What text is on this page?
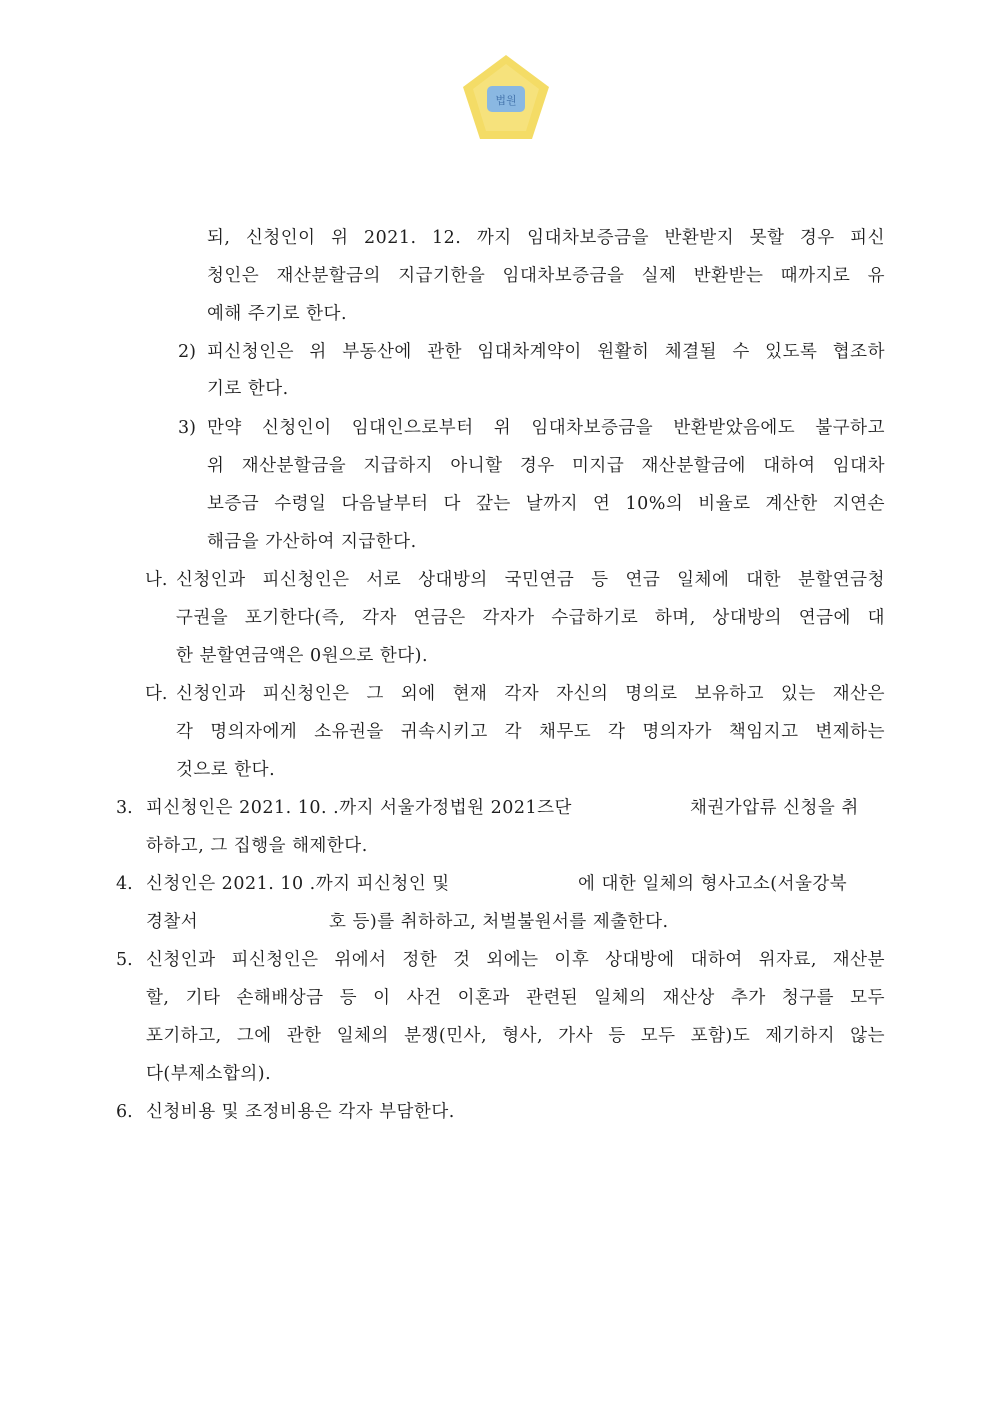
법원
되, 신청인이 위 2021. 12. 까지 임대차보증금을 반환받지 못할 경우 피신
청인은 재산분할금의 지급기한을 임대차보증금을 실제 반환받는 때까지로 유
예해 주기로 한다.
2) 피신청인은 위 부동산에 관한 임대차계약이 원활히 체결될 수 있도록 협조하
기로 한다.
3) 만약 신청인이 임대인으로부터 위 임대차보증금을 반환받았음에도 불구하고
위 재산분할금을 지급하지 아니할 경우 미지급 재산분할금에 대하여 임대차
보증금 수령일 다음날부터 다 갚는 날까지 연 10%의 비율로 계산한 지연손
해금을 가산하여 지급한다.
나. 신청인과 피신청인은 서로 상대방의 국민연금 등 연금 일체에 대한 분할연금청
구권을 포기한다(즉, 각자 연금은 각자가 수급하기로 하며, 상대방의 연금에 대
한 분할연금액은 0원으로 한다).
다. 신청인과 피신청인은 그 외에 현재 각자 자신의 명의로 보유하고 있는 재산은
각 명의자에게 소유권을 귀속시키고 각 채무도 각 명의자가 책임지고 변제하는
것으로 한다.
3. 피신청인은 2021. 10. .까지 서울가정법원 2021즈단	채권가압류 신청을 취
하하고, 그 집행을 해제한다.
4. 신청인은 2021. 10 .까지 피신청인 및	에 대한 일체의 형사고소(서울강북
경찰서	호 등)를 취하하고, 처벌불원서를 제출한다.
5. 신청인과 피신청인은 위에서 정한 것 외에는 이후 상대방에 대하여 위자료, 재산분
할, 기타 손해배상금 등 이 사건 이혼과 관련된 일체의 재산상 추가 청구를 모두
포기하고, 그에 관한 일체의 분쟁(민사, 형사, 가사 등 모두 포함)도 제기하지 않는
다(부제소합의).
6. 신청비용 및 조정비용은 각자 부담한다.
